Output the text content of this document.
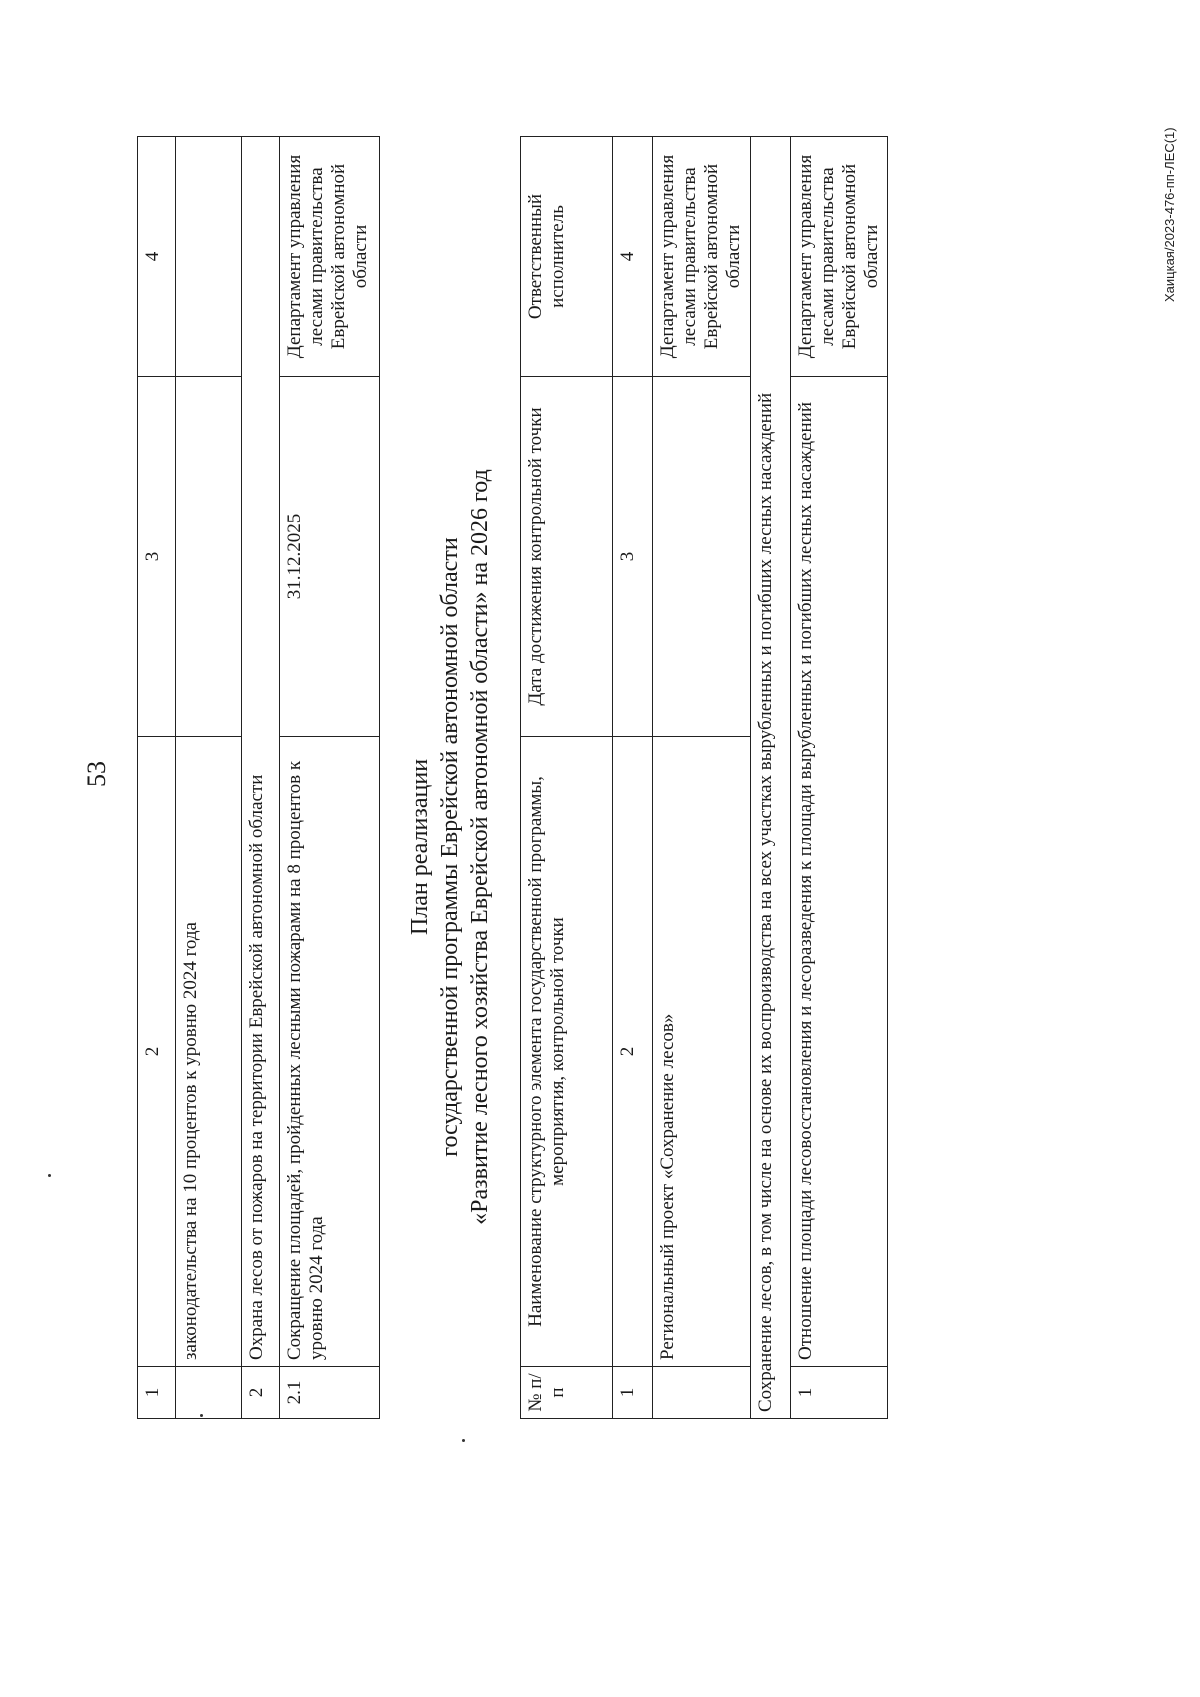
53
1	2	3	4
	законодательства на 10 процентов к уровню 2024 года		
2	Охрана лесов от пожаров на территории Еврейской автономной области		
2.1	Сокращение площадей, пройденных лесными пожарами на 8 процентов к уровню 2024 года	31.12.2025	Департамент управления лесами правительства Еврейской автономной области
План реализации государственной программы Еврейской автономной области «Развитие лесного хозяйства Еврейской автономной области» на 2026 год
№ п/п	Наименование структурного элемента государственной программы, мероприятия, контрольной точки	Дата достижения контрольной точки	Ответственный исполнитель
1	2	3	4
	Региональный проект «Сохранение лесов»		Департамент управления лесами правительства Еврейской автономной области
Сохранение лесов, в том числе на основе их воспроизводства на всех участках вырубленных и погибших лесных насаждений			
1	Отношение площади лесовосстановления и лесоразведения к площади вырубленных и погибших лесных насаждений		Департамент управления лесами правительства Еврейской автономной области	Хаицкая/2023-476-пп-ЛЕС(1)
